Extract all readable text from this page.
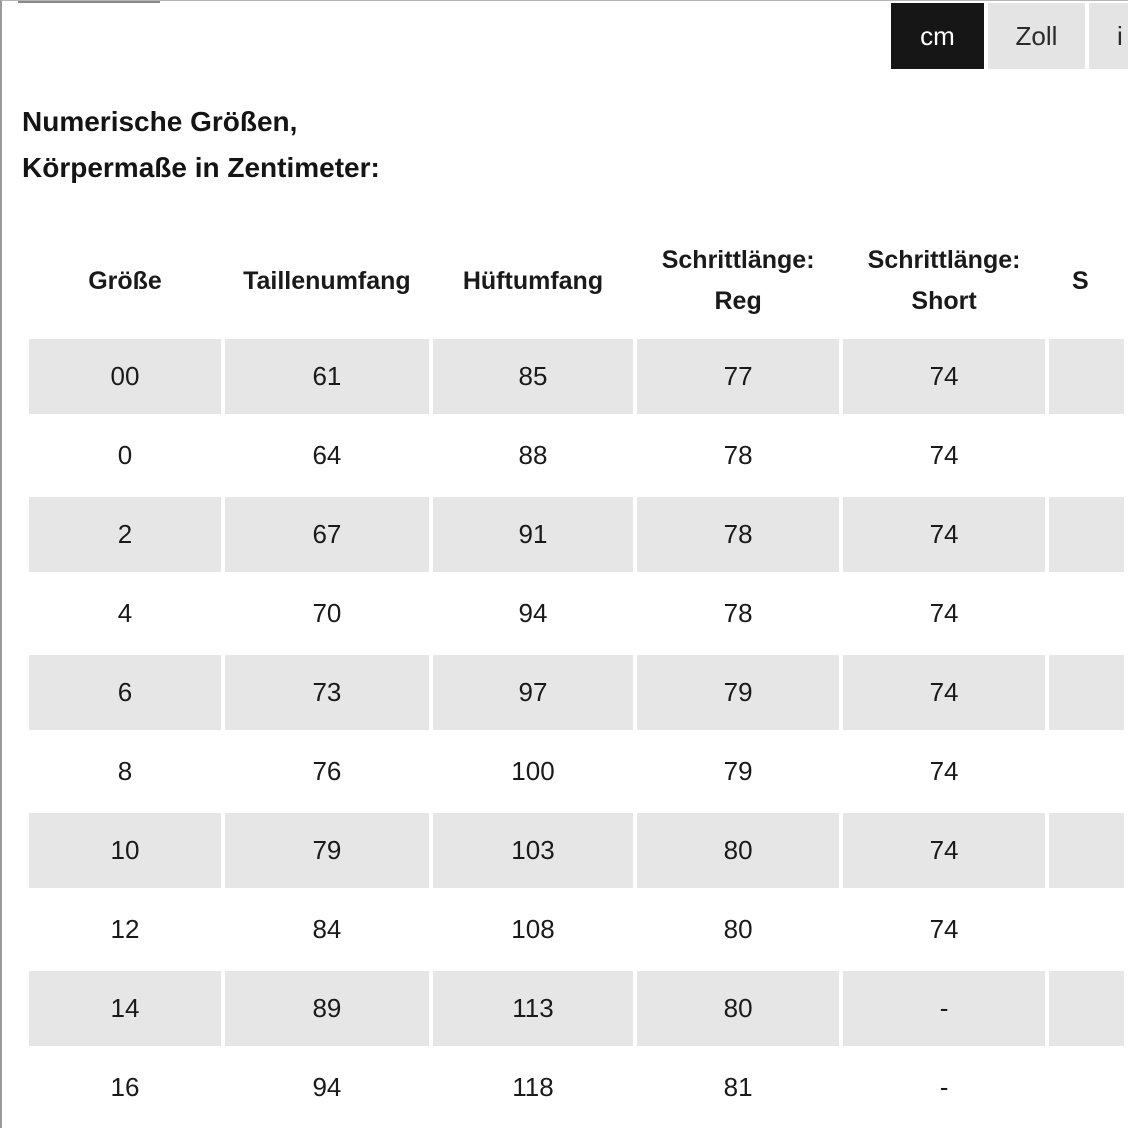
cm	Zoll	i
Numerische Größen,
Körpermaße in Zentimeter:
Größe	Taillenumfang	Hüftumfang	Schrittlänge: Reg	Schrittlänge: Short	S
00	61	85	77	74	
0	64	88	78	74	
2	67	91	78	74	
4	70	94	78	74	
6	73	97	79	74	
8	76	100	79	74	
10	79	103	80	74	
12	84	108	80	74	
14	89	113	80	-	
16	94	118	81	-	
